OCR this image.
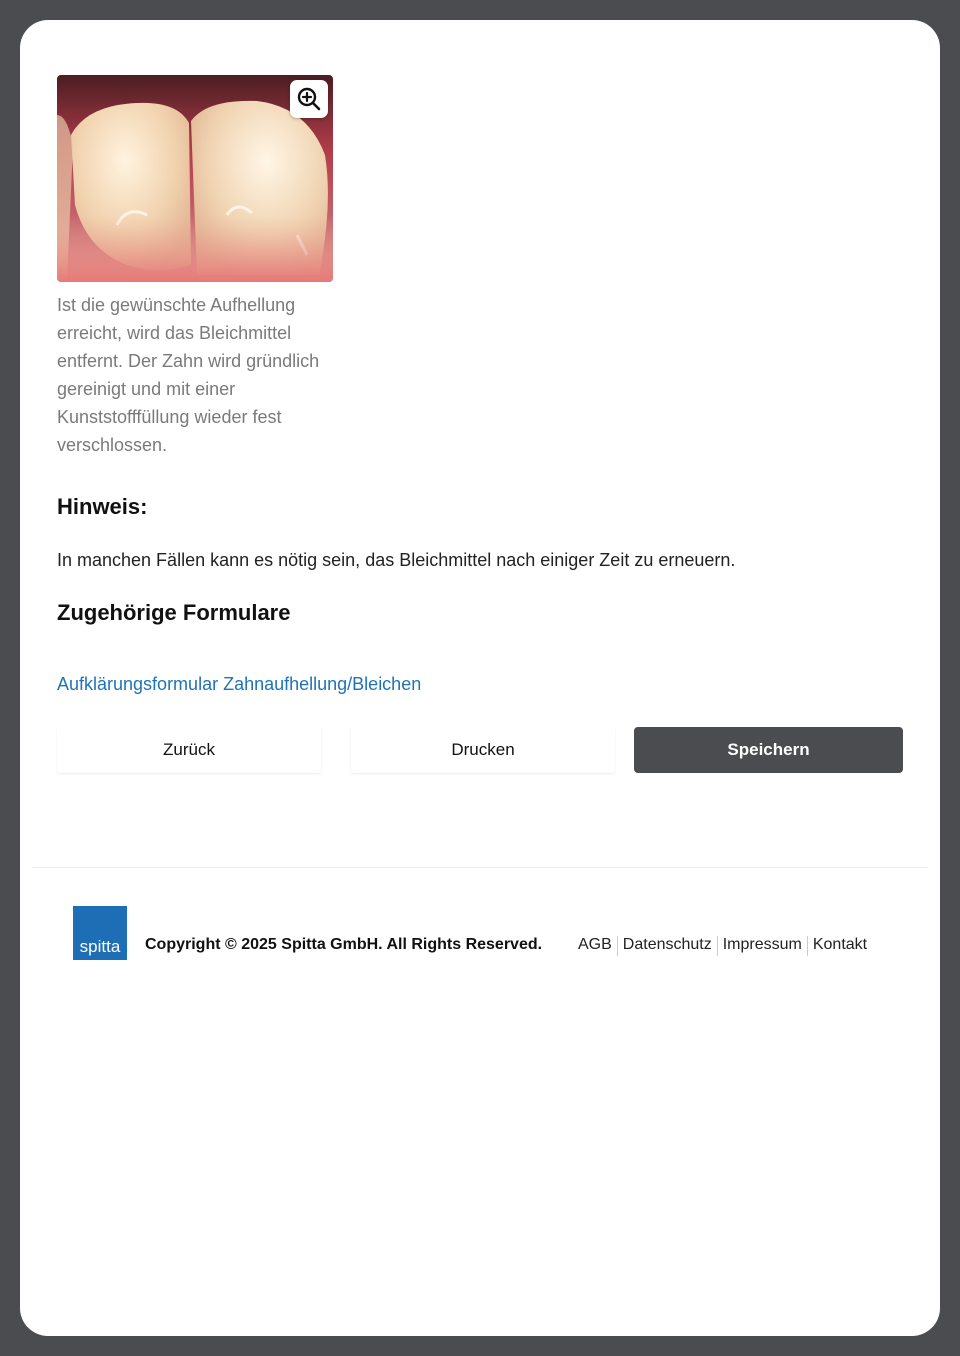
Ist die gewünschte Aufhellung erreicht, wird das Bleichmittel entfernt. Der Zahn wird gründlich gereinigt und mit einer Kunststofffüllung wieder fest verschlossen.
Hinweis:
In manchen Fällen kann es nötig sein, das Bleichmittel nach einiger Zeit zu erneuern.
Zugehörige Formulare
Aufklärungsformular Zahnaufhellung/Bleichen
Zurück	Drucken	Speichern
spitta Copyright © 2025 Spitta GmbH. All Rights Reserved. AGB Datenschutz Impressum Kontakt
